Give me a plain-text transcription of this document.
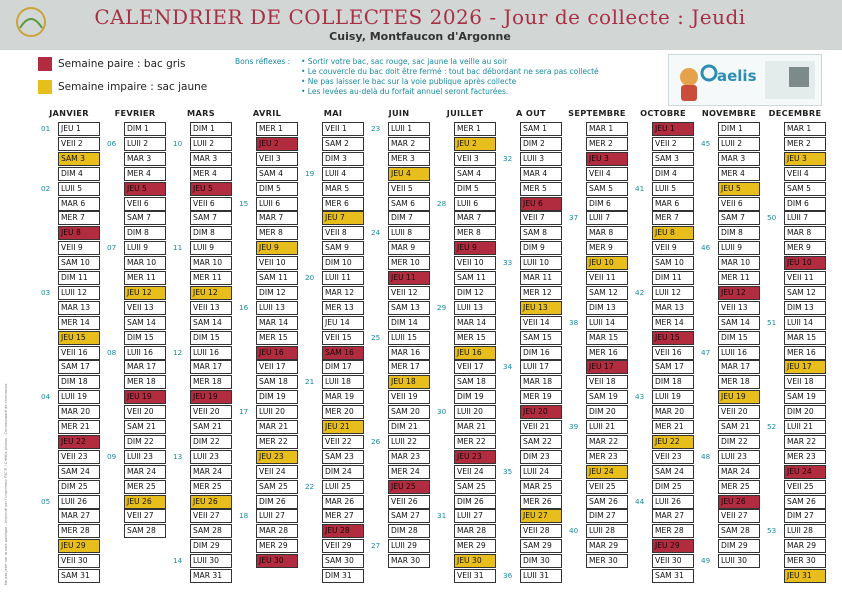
CALENDRIER DE COLLECTES 2026 - Jour de collecte : Jeudi
Cuisy, Montfaucon d'Argonne
Semaine paire : bac gris
Semaine impaire : sac jaune
Bons réflexes : • Sortir votre bac, sac rouge, sac jaune la veille au soir
• Le couvercle du bac doit être fermé : tout bac débordant ne sera pas collecté
• Ne pas laisser le bac sur la voie publique après collecte
• Les levées au-delà du forfait annuel seront facturées.
aelis
Ne pas jeter sur la voie publique - Imprimé par l'imprimeur FSC® / Crédits photos : Communauté de communes
JANVIER
JEU 1
VEII 2
SAM 3
DIM 4
LUII 5
MAR 6
MER 7
JEU 8
VEII 9
SAM 10
DIM 11
LUII 12
MAR 13
MER 14
JEU 15
VEII 16
SAM 17
DIM 18
LUII 19
MAR 20
MER 21
JEU 22
VEII 23
SAM 24
DIM 25
LUII 26
MAR 27
MER 28
JEU 29
VEII 30
SAM 31
01
02
03
04
05
FEVRIER
DIM 1
LUII 2
MAR 3
MER 4
JEU 5
VEII 6
SAM 7
DIM 8
LUII 9
MAR 10
MER 11
JEU 12
VEII 13
SAM 14
DIM 15
LUII 16
MAR 17
MER 18
JEU 19
VEII 20
SAM 21
DIM 22
LUII 23
MAR 24
MER 25
JEU 26
VEII 27
SAM 28
06
07
08
09
MARS
DIM 1
LUII 2
MAR 3
MER 4
JEU 5
VEII 6
SAM 7
DIM 8
LUII 9
MAR 10
MER 11
JEU 12
VEII 13
SAM 14
DIM 15
LUII 16
MAR 17
MER 18
JEU 19
VEII 20
SAM 21
DIM 22
LUII 23
MAR 24
MER 25
JEU 26
VEII 27
SAM 28
DIM 29
LUII 30
MAR 31
10
11
12
13
14
AVRIL
MER 1
JEU 2
VEII 3
SAM 4
DIM 5
LUII 6
MAR 7
MER 8
JEU 9
VEII 10
SAM 11
DIM 12
LUII 13
MAR 14
MER 15
JEU 16
VEII 17
SAM 18
DIM 19
LUII 20
MAR 21
MER 22
JEU 23
VEII 24
SAM 25
DIM 26
LUII 27
MAR 28
MER 29
JEU 30
15
16
17
18
MAI
VEII 1
SAM 2
DIM 3
LUII 4
MAR 5
MER 6
JEU 7
VEII 8
SAM 9
DIM 10
LUII 11
MAR 12
MER 13
JEU 14
VEII 15
SAM 16
DIM 17
LUII 18
MAR 19
MER 20
JEU 21
VEII 22
SAM 23
DIM 24
LUII 25
MAR 26
MER 27
JEU 28
VEII 29
SAM 30
DIM 31
19
20
21
22
JUIN
LUII 1
MAR 2
MER 3
JEU 4
VEII 5
SAM 6
DIM 7
LUII 8
MAR 9
MER 10
JEU 11
VEII 12
SAM 13
DIM 14
LUII 15
MAR 16
MER 17
JEU 18
VEII 19
SAM 20
DIM 21
LUII 22
MAR 23
MER 24
JEU 25
VEII 26
SAM 27
DIM 28
LUII 29
MAR 30
23
24
25
26
27
JUILLET
MER 1
JEU 2
VEII 3
SAM 4
DIM 5
LUII 6
MAR 7
MER 8
JEU 9
VEII 10
SAM 11
DIM 12
LUII 13
MAR 14
MER 15
JEU 16
VEII 17
SAM 18
DIM 19
LUII 20
MAR 21
MER 22
JEU 23
VEII 24
SAM 25
DIM 26
LUII 27
MAR 28
MER 29
JEU 30
VEII 31
28
29
30
31
A OUT
SAM 1
DIM 2
LUII 3
MAR 4
MER 5
JEU 6
VEII 7
SAM 8
DIM 9
LUII 10
MAR 11
MER 12
JEU 13
VEII 14
SAM 15
DIM 16
LUII 17
MAR 18
MER 19
JEU 20
VEII 21
SAM 22
DIM 23
LUII 24
MAR 25
MER 26
JEU 27
VEII 28
SAM 29
DIM 30
LUII 31
32
33
34
35
36
SEPTEMBRE
MAR 1
MER 2
JEU 3
VEII 4
SAM 5
DIM 6
LUII 7
MAR 8
MER 9
JEU 10
VEII 11
SAM 12
DIM 13
LUII 14
MAR 15
MER 16
JEU 17
VEII 18
SAM 19
DIM 20
LUII 21
MAR 22
MER 23
JEU 24
VEII 25
SAM 26
DIM 27
LUII 28
MAR 29
MER 30
37
38
39
40
OCTOBRE
JEU 1
VEII 2
SAM 3
DIM 4
LUII 5
MAR 6
MER 7
JEU 8
VEII 9
SAM 10
DIM 11
LUII 12
MAR 13
MER 14
JEU 15
VEII 16
SAM 17
DIM 18
LUII 19
MAR 20
MER 21
JEU 22
VEII 23
SAM 24
DIM 25
LUII 26
MAR 27
MER 28
JEU 29
VEII 30
SAM 31
41
42
43
44
NOVEMBRE
DIM 1
LUII 2
MAR 3
MER 4
JEU 5
VEII 6
SAM 7
DIM 8
LUII 9
MAR 10
MER 11
JEU 12
VEII 13
SAM 14
DIM 15
LUII 16
MAR 17
MER 18
JEU 19
VEII 20
SAM 21
DIM 22
LUII 23
MAR 24
MER 25
JEU 26
VEII 27
SAM 28
DIM 29
LUII 30
45
46
47
48
49
DECEMBRE
MAR 1
MER 2
JEU 3
VEII 4
SAM 5
DIM 6
LUII 7
MAR 8
MER 9
JEU 10
VEII 11
SAM 12
DIM 13
LUII 14
MAR 15
MER 16
JEU 17
VEII 18
SAM 19
DIM 20
LUII 21
MAR 22
MER 23
JEU 24
VEII 25
SAM 26
DIM 27
LUII 28
MAR 29
MER 30
JEU 31
50
51
52
53
